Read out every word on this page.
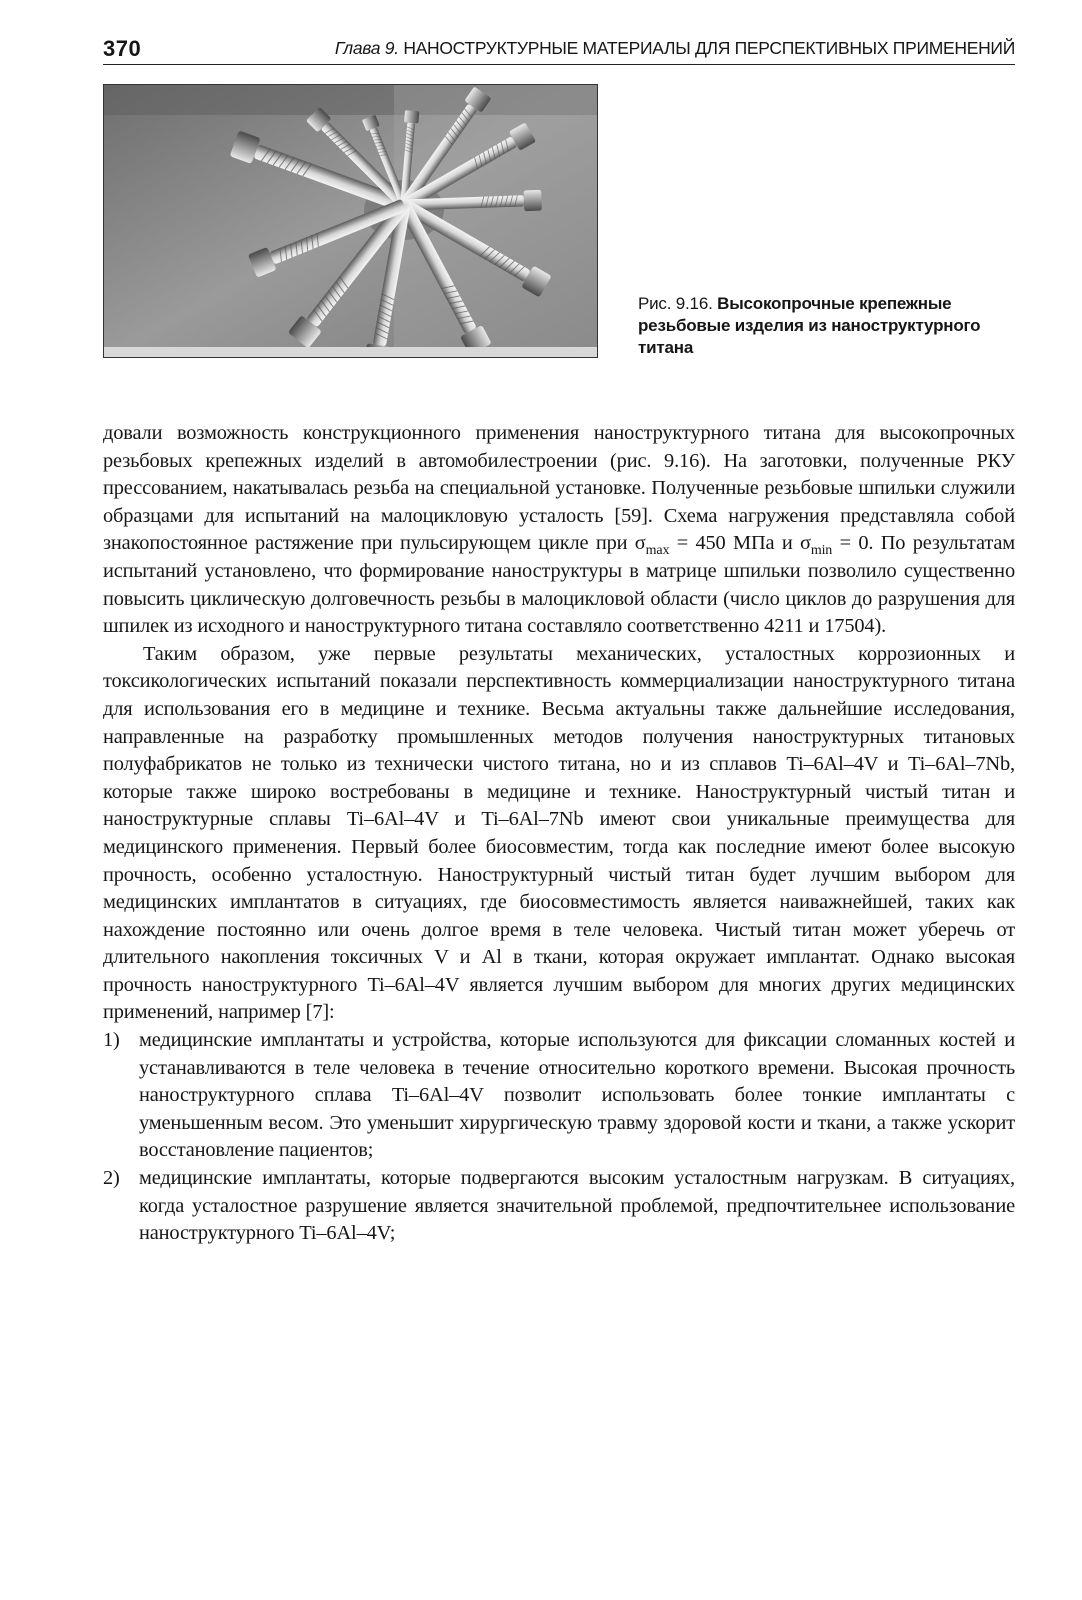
370	Глава 9. НАНОСТРУКТУРНЫЕ МАТЕРИАЛЫ ДЛЯ ПЕРСПЕКТИВНЫХ ПРИМЕНЕНИЙ
Рис. 9.16. Высокопрочные крепежные резьбовые изделия из наноструктурного титана

довали возможность конструкционного применения наноструктурного титана для высокопрочных резьбовых крепежных изделий в автомобилестроении (рис. 9.16). На заготовки, полученные РКУ прессованием, накатывалась резьба на специальной установке. Полученные резьбовые шпильки служили образцами для испытаний на малоцикловую усталость [59]. Схема нагружения представляла собой знакопостоянное растяжение при пульсирующем цикле при $\sigma_{max} = 450$ МПа и $\sigma_{min} = 0$. По результатам испытаний установлено, что формирование наноструктуры в матрице шпильки позволило существенно повысить циклическую долговечность резьбы в малоцикловой области (число циклов до разрушения для шпилек из исходного и наноструктурного титана составляло соответственно 4211 и 17504).

Таким образом, уже первые результаты механических, усталостных коррозионных и токсикологических испытаний показали перспективность коммерциализации наноструктурного титана для использования его в медицине и технике. Весьма актуальны также дальнейшие исследования, направленные на разработку промышленных методов получения наноструктурных титановых полуфабрикатов не только из технически чистого титана, но и из сплавов Ti–6Al–4V и Ti–6Al–7Nb, которые также широко востребованы в медицине и технике. Наноструктурный чистый титан и наноструктурные сплавы Ti–6Al–4V и Ti–6Al–7Nb имеют свои уникальные преимущества для медицинского применения. Первый более биосовместим, тогда как последние имеют более высокую прочность, особенно усталостную. Наноструктурный чистый титан будет лучшим выбором для медицинских имплантатов в ситуациях, где биосовместимость является наиважнейшей, таких как нахождение постоянно или очень долгое время в теле человека. Чистый титан может уберечь от длительного накопления токсичных V и Al в ткани, которая окружает имплантат. Однако высокая прочность наноструктурного Ti–6Al–4V является лучшим выбором для многих других медицинских применений, например [7]:

1) медицинские имплантаты и устройства, которые используются для фиксации сломанных костей и устанавливаются в теле человека в течение относительно короткого времени. Высокая прочность наноструктурного сплава Ti–6Al–4V позволит использовать более тонкие имплантаты с уменьшенным весом. Это уменьшит хирургическую травму здоровой кости и ткани, а также ускорит восстановление пациентов;
2) медицинские имплантаты, которые подвергаются высоким усталостным нагрузкам. В ситуациях, когда усталостное разрушение является значительной проблемой, предпочтительнее использование наноструктурного Ti–6Al–4V;
